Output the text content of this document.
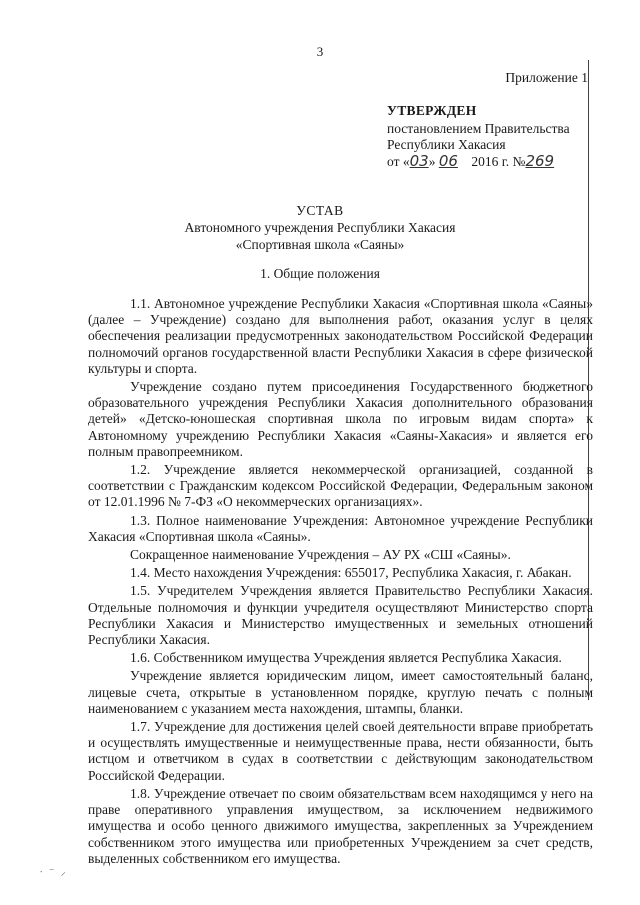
3
Приложение 1
УТВЕРЖДЕН
постановлением Правительства
Республики Хакасия
от «03» 06 2016 г. №269
УСТАВ
Автономного учреждения Республики Хакасия
«Спортивная школа «Саяны»
1. Общие положения

1.1. Автономное учреждение Республики Хакасия «Спортивная школа «Саяны» (далее – Учреждение) создано для выполнения работ, оказания услуг в целях обеспечения реализации предусмотренных законодательством Российской Федерации полномочий органов государственной власти Республики Хакасия в сфере физической культуры и спорта.

Учреждение создано путем присоединения Государственного бюджетного образовательного учреждения Республики Хакасия дополнительного образования детей» «Детско-юношеская спортивная школа по игровым видам спорта» к Автономному учреждению Республики Хакасия «Саяны-Хакасия» и является его полным правопреемником.

1.2. Учреждение является некоммерческой организацией, созданной в соответствии с Гражданским кодексом Российской Федерации, Федеральным законом от 12.01.1996 № 7-ФЗ «О некоммерческих организациях».

1.3. Полное наименование Учреждения: Автономное учреждение Республики Хакасия «Спортивная школа «Саяны».

Сокращенное наименование Учреждения – АУ РХ «СШ «Саяны».

1.4. Место нахождения Учреждения: 655017, Республика Хакасия, г. Абакан.

1.5. Учредителем Учреждения является Правительство Республики Хакасия. Отдельные полномочия и функции учредителя осуществляют Министерство спорта Республики Хакасия и Министерство имущественных и земельных отношений Республики Хакасия.

1.6. Собственником имущества Учреждения является Республика Хакасия.

Учреждение является юридическим лицом, имеет самостоятельный баланс, лицевые счета, открытые в установленном порядке, круглую печать с полным наименованием с указанием места нахождения, штампы, бланки.

1.7. Учреждение для достижения целей своей деятельности вправе приобретать и осуществлять имущественные и неимущественные права, нести обязанности, быть истцом и ответчиком в судах в соответствии с действующим законодательством Российской Федерации.

1.8. Учреждение отвечает по своим обязательствам всем находящимся у него на праве оперативного управления имуществом, за исключением недвижимого имущества и особо ценного движимого имущества, закрепленных за Учреждением собственником этого имущества или приобретенных Учреждением за счет средств, выделенных собственником его имущества.

∙ ⁻ ⸝
